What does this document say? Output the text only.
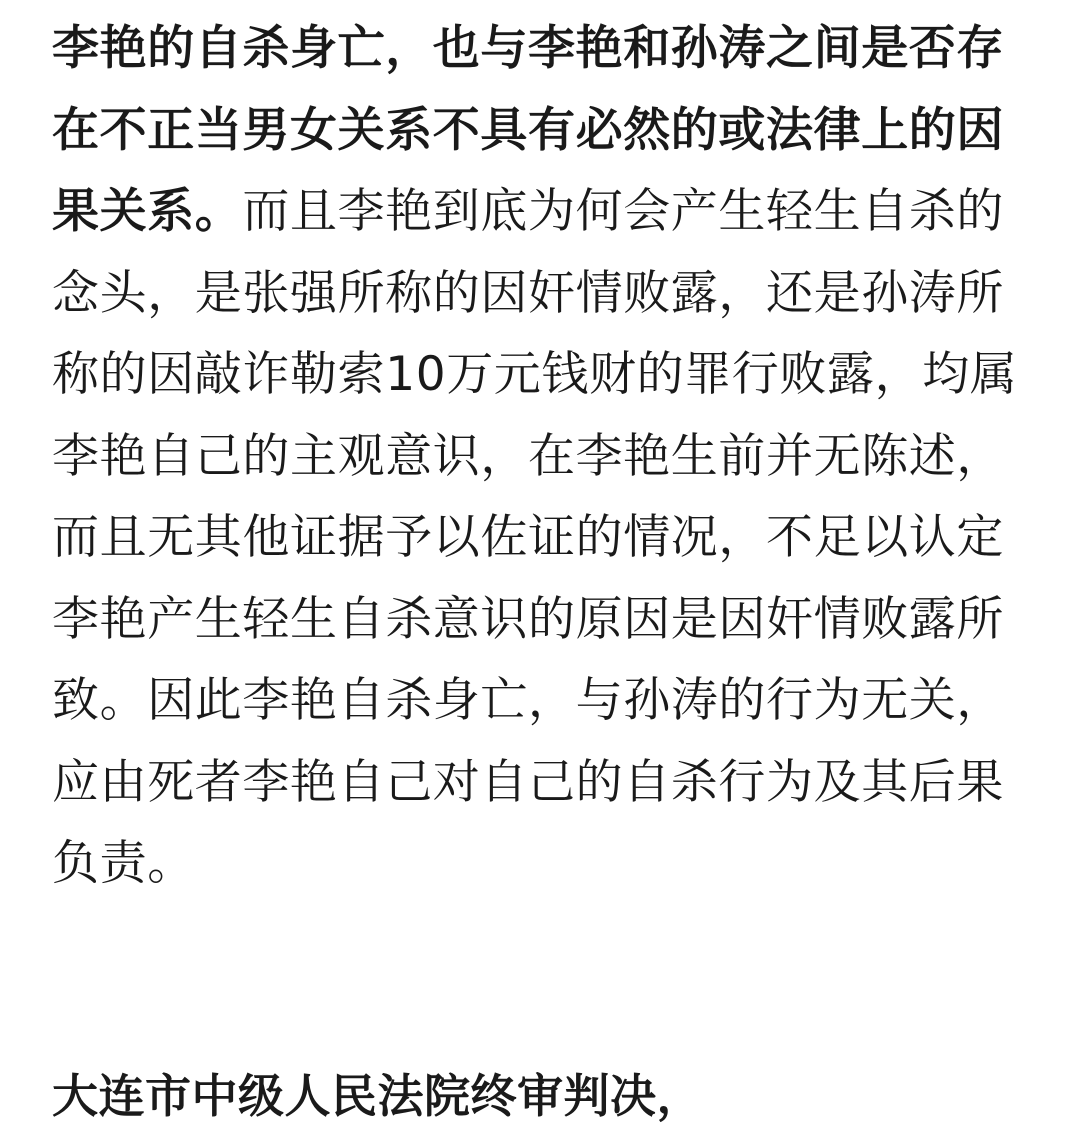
李艳的自杀身亡，也与李艳和孙涛之间是否存在不正当男女关系不具有必然的或法律上的因果关系。而且李艳到底为何会产生轻生自杀的念头，是张强所称的因奸情败露，还是孙涛所称的因敲诈勒索10万元钱财的罪行败露，均属李艳自己的主观意识，在李艳生前并无陈述，而且无其他证据予以佐证的情况，不足以认定李艳产生轻生自杀意识的原因是因奸情败露所致。因此李艳自杀身亡，与孙涛的行为无关，应由死者李艳自己对自己的自杀行为及其后果负责。

大连市中级人民法院终审判决，
